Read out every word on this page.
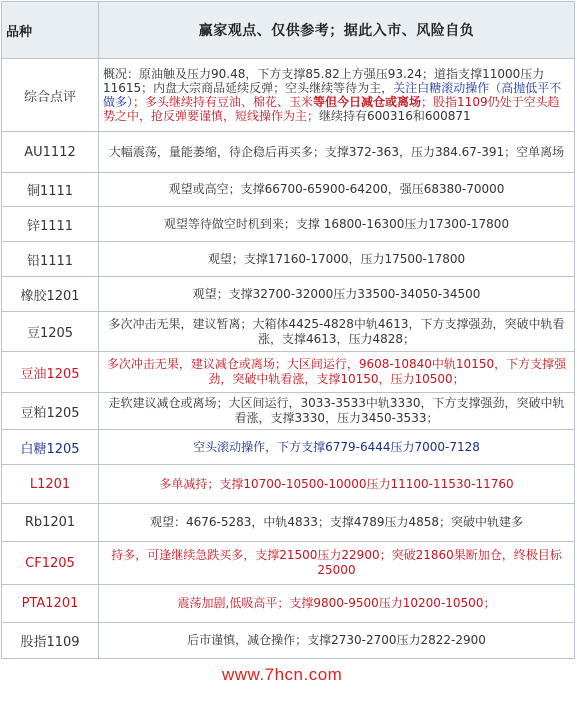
品种	赢家观点、仅供参考；据此入市、风险自负
综合点评	概况：原油触及压力90.48，下方支撑85.82上方强压93.24；道指支撑11000压力11615；内盘大宗商品延续反弹；空头继续等待为主，关注白糖滚动操作（高抛低平不做多）；多头继续持有豆油、棉花、玉米等但今日减仓或离场；股指1109仍处于空头趋势之中，抢反弹要谨慎，短线操作为主；继续持有600316和600871
AU1112	大幅震荡，量能萎缩，待企稳后再买多；支撑372-363，压力384.67-391；空单离场
铜1111	观望或高空；支撑66700-65900-64200，强压68380-70000
锌1111	观望等待做空时机到来；支撑 16800-16300压力17300-17800
铅1111	观望；支撑17160-17000，压力17500-17800
橡胶1201	观望；支撑32700-32000压力33500-34050-34500
豆1205	多次冲击无果，建议暂离；大箱体4425-4828中轨4613，下方支撑强劲，突破中轨看涨，支撑4613，压力4828；
豆油1205	多次冲击无果，建议减仓或离场；大区间运行，9608-10840中轨10150，下方支撑强劲，突破中轨看涨，支撑10150，压力10500；
豆粕1205	走软建议减仓或离场；大区间运行，3033-3533中轨3330，下方支撑强劲，突破中轨看涨，支撑3330，压力3450-3533；
白糖1205	空头滚动操作，下方支撑6779-6444压力7000-7128
L1201	多单减持；支撑10700-10500-10000压力11100-11530-11760
Rb1201	观望：4676-5283，中轨4833；支撑4789压力4858；突破中轨建多
CF1205	持多，可逢继续急跌买多，支撑21500压力22900；突破21860果断加仓，终极目标25000
PTA1201	震荡加剧,低吸高平；支撑9800-9500压力10200-10500；
股指1109	后市谨慎，减仓操作；支撑2730-2700压力2822-2900
www.7hcn.com
